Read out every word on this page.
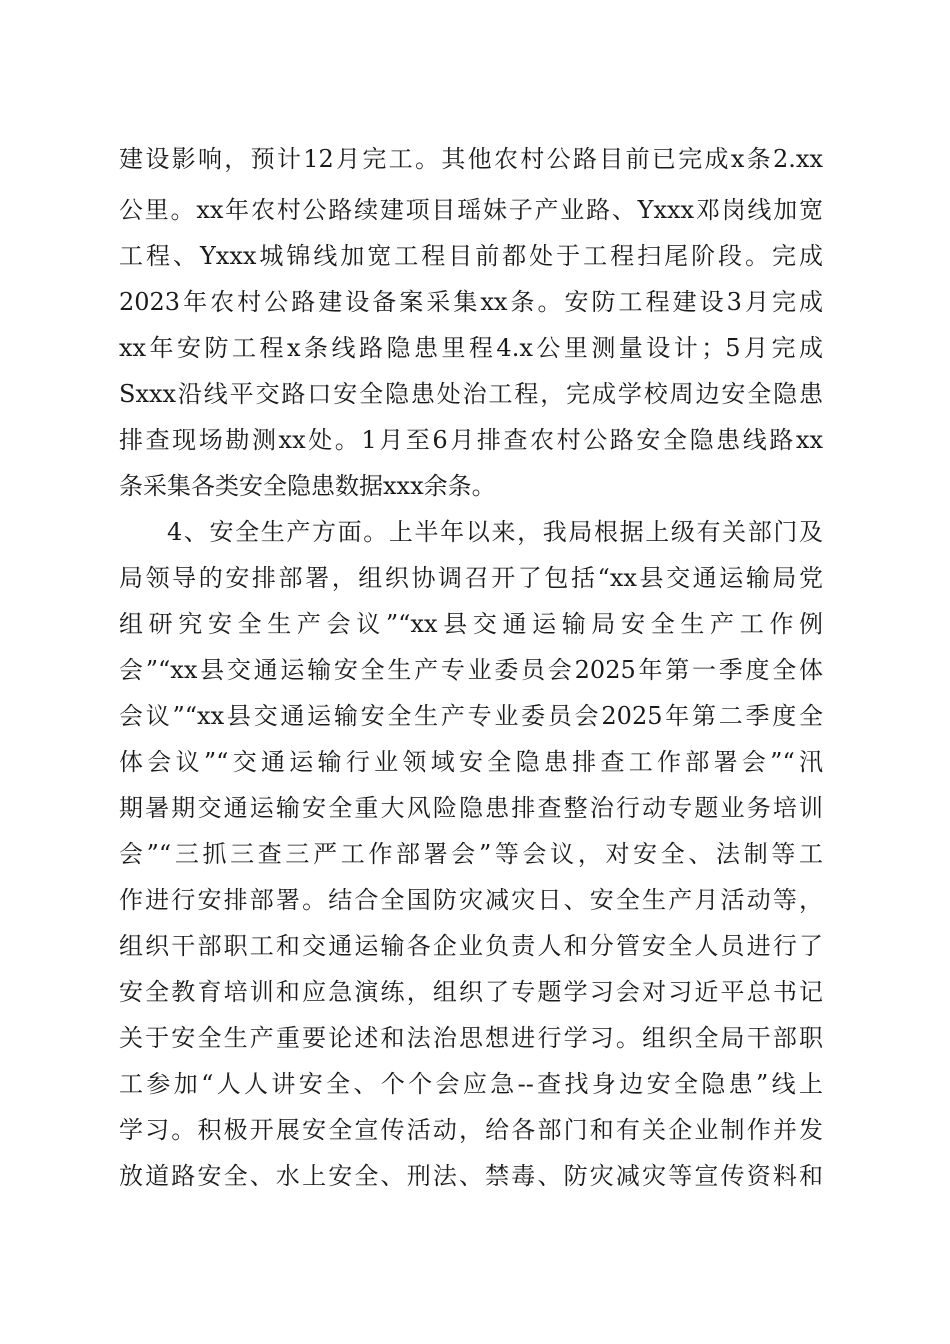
建设影响，预计12月完工。其他农村公路目前已完成x条2.xx
公里。xx年农村公路续建项目瑶妹子产业路、Yxxx邓岗线加宽
工程、Yxxx城锦线加宽工程目前都处于工程扫尾阶段。完成
2023年农村公路建设备案采集xx条。安防工程建设3月完成
xx年安防工程x条线路隐患里程4.x公里测量设计；5月完成
Sxxx沿线平交路口安全隐患处治工程，完成学校周边安全隐患
排查现场勘测xx处。1月至6月排查农村公路安全隐患线路xx
条采集各类安全隐患数据xxx余条。
4、安全生产方面。上半年以来，我局根据上级有关部门及
局领导的安排部署，组织协调召开了包括“xx县交通运输局党
组研究安全生产会议”“xx县交通运输局安全生产工作例
会”“xx县交通运输安全生产专业委员会2025年第一季度全体
会议”“xx县交通运输安全生产专业委员会2025年第二季度全
体会议”“交通运输行业领域安全隐患排查工作部署会”“汛
期暑期交通运输安全重大风险隐患排查整治行动专题业务培训
会”“三抓三查三严工作部署会”等会议，对安全、法制等工
作进行安排部署。结合全国防灾减灾日、安全生产月活动等，
组织干部职工和交通运输各企业负责人和分管安全人员进行了
安全教育培训和应急演练，组织了专题学习会对习近平总书记
关于安全生产重要论述和法治思想进行学习。组织全局干部职
工参加“人人讲安全、个个会应急--查找身边安全隐患”线上
学习。积极开展安全宣传活动，给各部门和有关企业制作并发
放道路安全、水上安全、刑法、禁毒、防灾减灾等宣传资料和
